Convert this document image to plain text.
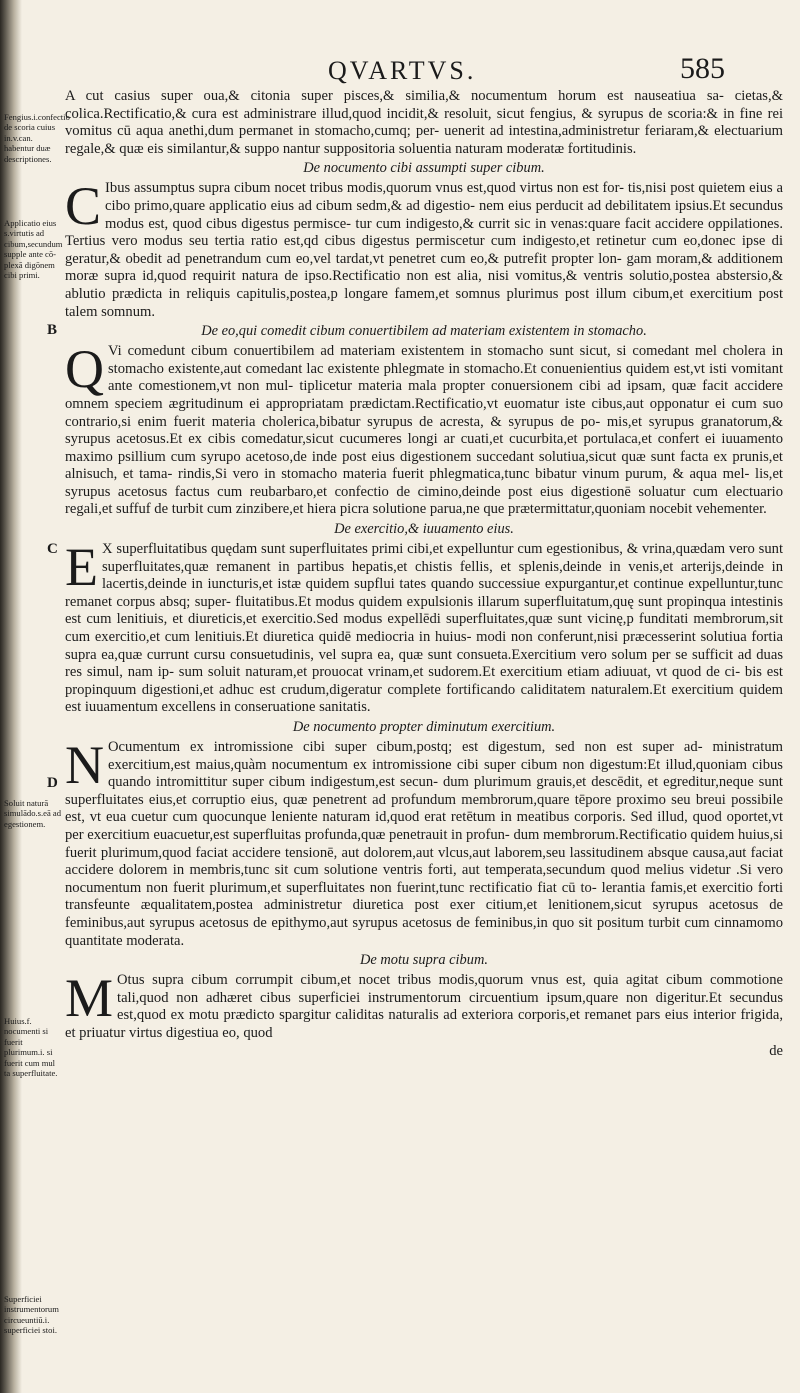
QVARTVS.	585
Fengius.i.confectio de scoria cuius in.v.can. habentur duæ descriptiones.
Applicatio eius s.virtutis ad cibum,secundum supple ante cō-plexā digōnem cibi primi.
Soluit naturā simulādo.s.eā ad egestionem.
Huius.f. nocumenti si fuerit plurimum.i. si fuerit cum mul ta superfluitate.
Superficiei instrumentorum circueuntiū.i. superficiei stoi.

A cut casius super oua,& citonia super pisces,& similia,& nocumentum horum est nauseatiua sa- cietas,& colica.Rectificatio,& cura est administrare illud,quod incidit,& resoluit, sicut fengius, & syrupus de scoria:& in fine rei vomitus cū aqua anethi,dum permanet in stomacho,cumq; per- uenerit ad intestina,administretur feriaram,& electuarium regale,& quæ eis similantur,& suppo nantur suppositoria soluentia naturam moderatæ fortitudinis.

De nocumento cibi assumpti super cibum.

C Ibus assumptus supra cibum nocet tribus modis,quorum vnus est,quod virtus non est for- tis,nisi post quietem eius a cibo primo,quare applicatio eius ad cibum sedm,& ad digestio- nem eius perducit ad debilitatem ipsius.Et secundus modus est, quod cibus digestus permisce- tur cum indigesto,& currit sic in venas:quare facit accidere oppilationes. Tertius vero modus seu tertia ratio est,qd cibus digestus permiscetur cum indigesto,et retinetur cum eo,donec ipse di geratur,& obedit ad penetrandum cum eo,vel tardat,vt penetret cum eo,& putrefit propter lon- gam moram,& additionem moræ supra id,quod requirit natura de ipso.Rectificatio non est alia, nisi vomitus,& ventris solutio,postea abstersio,& ablutio prædicta in reliquis capitulis,postea,p longare famem,et somnus plurimus post illum cibum,et exercitium post talem somnum.

B	De eo,qui comedit cibum conuertibilem ad materiam existentem in stomacho.

Q Vi comedunt cibum conuertibilem ad materiam existentem in stomacho sunt sicut, si comedant mel cholera in stomacho existente,aut comedant lac existente phlegmate in stomacho.Et conuenientius quidem est,vt isti vomitant ante comestionem,vt non mul- tiplicetur materia mala propter conuersionem cibi ad ipsam, quæ facit accidere omnem speciem ægritudinum ei appropriatam prædictam.Rectificatio,vt euomatur iste cibus,aut opponatur ei cum suo contrario,si enim fuerit materia cholerica,bibatur syrupus de acresta, & syrupus de po- mis,et syrupus granatorum,& syrupus acetosus.Et ex cibis comedatur,sicut cucumeres longi ar cuati,et cucurbita,et portulaca,et confert ei iuuamento maximo psillium cum syrupo acetoso,de inde post eius digestionem succedant solutiua,sicut quæ sunt facta ex prunis,et alnisuch, et tama- rindis,Si vero in stomacho materia fuerit phlegmatica,tunc bibatur vinum purum, & aqua mel- lis,et syrupus acetosus factus cum reubarbaro,et confectio de cimino,deinde post eius digestionē soluatur cum electuario regali,et suffuf de turbit cum zinzibere,et hiera picra solutione parua,ne que prætermittatur,quoniam nocebit vehementer.

De exercitio,& iuuamento eius.

C E X superfluitatibus quędam sunt superfluitates primi cibi,et expelluntur cum egestionibus, & vrina,quædam vero sunt superfluitates,quæ remanent in partibus hepatis,et chistis fellis, et splenis,deinde in venis,et arterijs,deinde in lacertis,deinde in iuncturis,et istæ quidem supflui tates quando successiue expurgantur,et continue expelluntur,tunc remanet corpus absq; super- fluitatibus.Et modus quidem expulsionis illarum superfluitatum,quę sunt propinqua intestinis est cum lenitiuis, et diureticis,et exercitio.Sed modus expellēdi superfluitates,quæ sunt vicinę,p funditati membrorum,sit cum exercitio,et cum lenitiuis.Et diuretica quidē mediocria in huius- modi non conferunt,nisi præcesserint solutiua fortia supra ea,quæ currunt cursu consuetudinis, vel supra ea, quæ sunt consueta.Exercitium vero solum per se sufficit ad duas res simul, nam ip- sum soluit naturam,et prouocat vrinam,et sudorem.Et exercitium etiam adiuuat, vt quod de ci- bis est propinquum digestioni,et adhuc est crudum,digeratur complete fortificando caliditatem naturalem.Et exercitium quidem est iuuamentum excellens in conseruatione sanitatis.

De nocumento propter diminutum exercitium.

D N Ocumentum ex intromissione cibi super cibum,postq; est digestum, sed non est super ad- ministratum exercitium,est maius,quàm nocumentum ex intromissione cibi super cibum non digestum:Et illud,quoniam cibus quando intromittitur super cibum indigestum,est secun- dum plurimum grauis,et descēdit, et egreditur,neque sunt superfluitates eius,et corruptio eius, quæ penetrent ad profundum membrorum,quare tēpore proximo seu breui possibile est, vt eua cuetur cum quocunque leniente naturam id,quod erat retētum in meatibus corporis. Sed illud, quod oportet,vt per exercitium euacuetur,est superfluitas profunda,quæ penetrauit in profun- dum membrorum.Rectificatio quidem huius,si fuerit plurimum,quod faciat accidere tensionē, aut dolorem,aut vlcus,aut laborem,seu lassitudinem absque causa,aut faciat accidere dolorem in membris,tunc sit cum solutione ventris forti, aut temperata,secundum quod melius videtur .Si vero nocumentum non fuerit plurimum,et superfluitates non fuerint,tunc rectificatio fiat cū to- lerantia famis,et exercitio forti transfeunte æqualitatem,postea administretur diuretica post exer citium,et lenitionem,sicut syrupus acetosus de feminibus,aut syrupus acetosus de epithymo,aut syrupus acetosus de feminibus,in quo sit positum turbit cum cinnamomo quantitate moderata.

De motu supra cibum.

M Otus supra cibum corrumpit cibum,et nocet tribus modis,quorum vnus est, quia agitat cibum commotione tali,quod non adhæret cibus superficiei instrumentorum circuentium ipsum,quare non digeritur.Et secundus est,quod ex motu prædicto spargitur caliditas naturalis ad exteriora corporis,et remanet pars eius interior frigida, et priuatur virtus digestiua eo, quod

de
